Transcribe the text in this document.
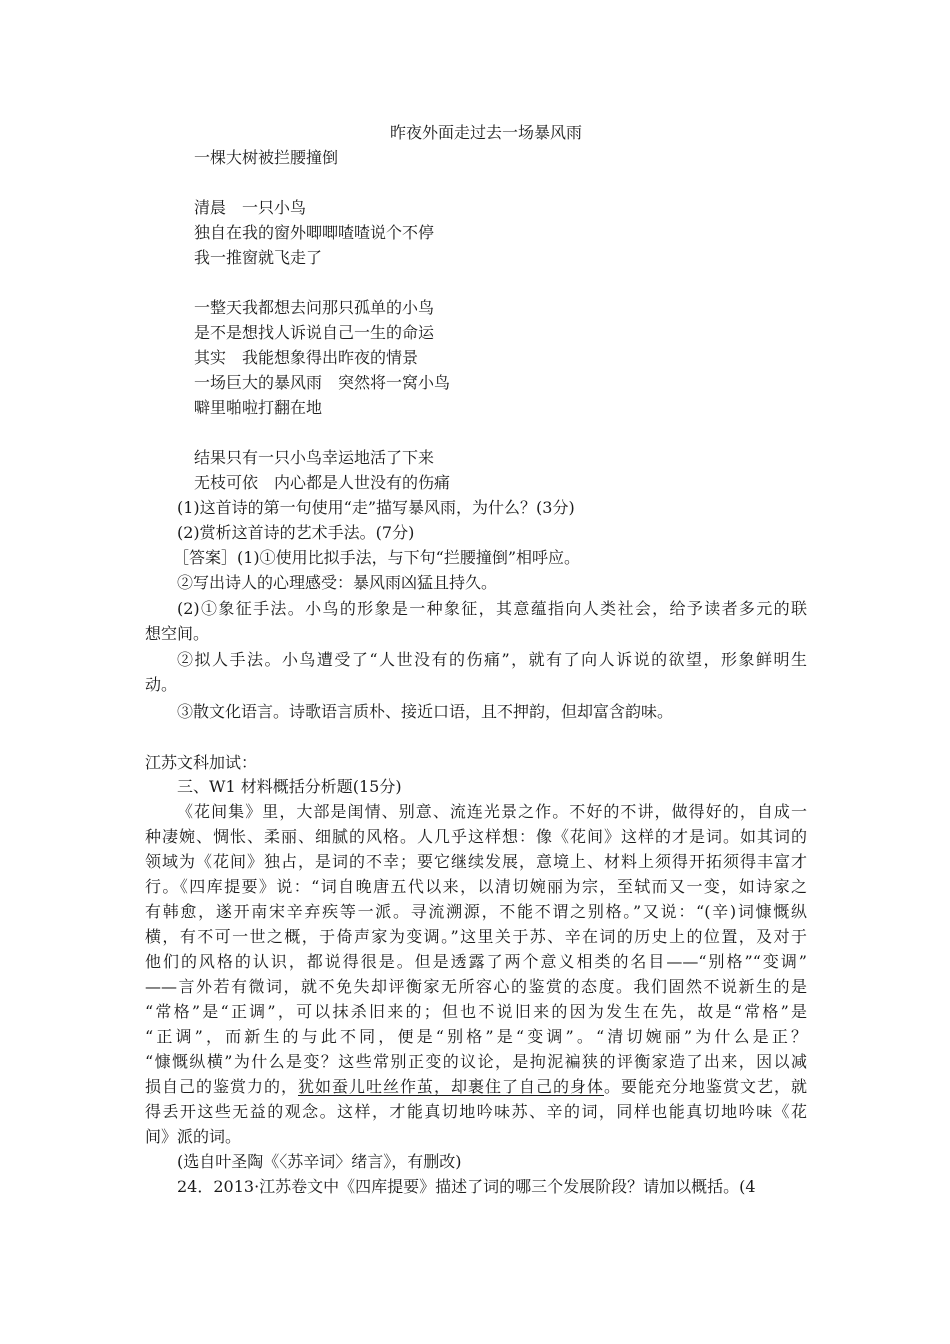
昨夜外面走过去一场暴风雨
一棵大树被拦腰撞倒
清晨　一只小鸟
独自在我的窗外唧唧喳喳说个不停
我一推窗就飞走了
一整天我都想去问那只孤单的小鸟
是不是想找人诉说自己一生的命运
其实　我能想象得出昨夜的情景
一场巨大的暴风雨　突然将一窝小鸟
噼里啪啦打翻在地
结果只有一只小鸟幸运地活了下来
无枝可依　内心都是人世没有的伤痛
(1)这首诗的第一句使用“走”描写暴风雨，为什么？(3分)
(2)赏析这首诗的艺术手法。(7分)
［答案］(1)①使用比拟手法，与下句“拦腰撞倒”相呼应。
②写出诗人的心理感受：暴风雨凶猛且持久。
(2)①象征手法。小鸟的形象是一种象征，其意蕴指向人类社会，给予读者多元的联
想空间。
②拟人手法。小鸟遭受了“人世没有的伤痛”，就有了向人诉说的欲望，形象鲜明生
动。
③散文化语言。诗歌语言质朴、接近口语，且不押韵，但却富含韵味。
江苏文科加试：
三、W1 材料概括分析题(15分)
《花间集》里，大部是闺情、别意、流连光景之作。不好的不讲，做得好的，自成一
种凄婉、惆怅、柔丽、细腻的风格。人几乎这样想：像《花间》这样的才是词。如其词的
领域为《花间》独占，是词的不幸；要它继续发展，意境上、材料上须得开拓须得丰富才
行。《四库提要》说：“词自晚唐五代以来，以清切婉丽为宗，至轼而又一变，如诗家之
有韩愈，遂开南宋辛弃疾等一派。寻流溯源，不能不谓之别格。”又说：“(辛)词慷慨纵
横，有不可一世之概，于倚声家为变调。”这里关于苏、辛在词的历史上的位置，及对于
他们的风格的认识，都说得很是。但是透露了两个意义相类的名目——“别格”“变调”
——言外若有微词，就不免失却评衡家无所容心的鉴赏的态度。我们固然不说新生的是
“常格”是“正调”，可以抹杀旧来的；但也不说旧来的因为发生在先，故是“常格”是
“正调”，而新生的与此不同，便是“别格”是“变调”。“清切婉丽”为什么是正？
“慷慨纵横”为什么是变？这些常别正变的议论，是拘泥褊狭的评衡家造了出来，因以减
损自己的鉴赏力的，犹如蚕儿吐丝作茧，却裹住了自己的身体。要能充分地鉴赏文艺，就
得丢开这些无益的观念。这样，才能真切地吟味苏、辛的词，同样也能真切地吟味《花
间》派的词。
(选自叶圣陶《〈苏辛词〉绪言》，有删改)
24．2013·江苏卷文中《四库提要》描述了词的哪三个发展阶段？请加以概括。(4
